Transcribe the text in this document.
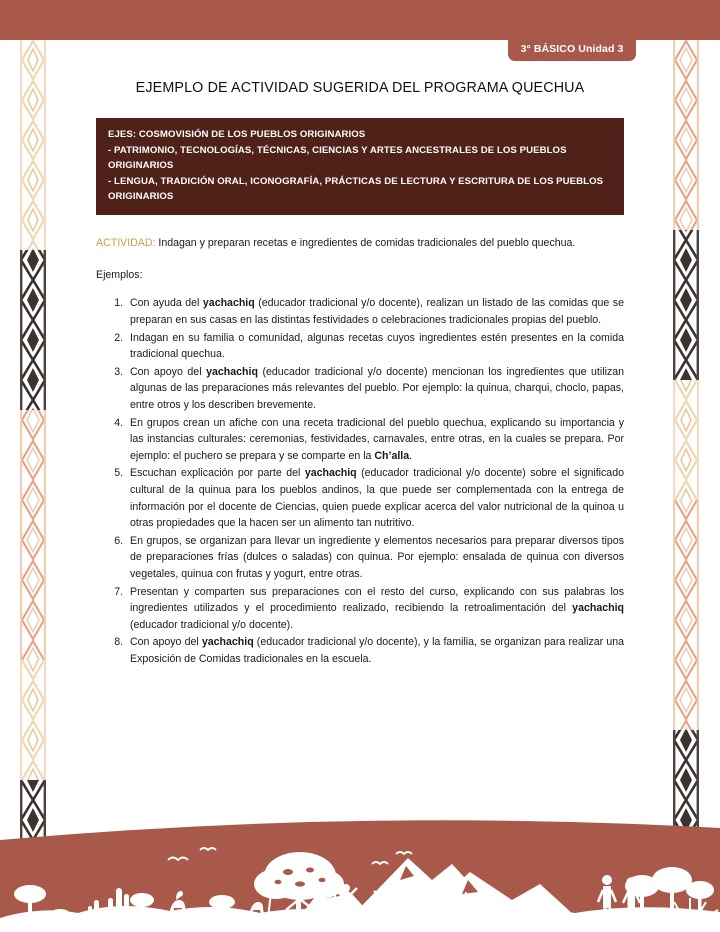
3° BÁSICO Unidad 3
EJEMPLO DE ACTIVIDAD SUGERIDA DEL PROGRAMA QUECHUA
EJES: COSMOVISIÓN DE LOS PUEBLOS ORIGINARIOS
- PATRIMONIO, TECNOLOGÍAS, TÉCNICAS, CIENCIAS Y ARTES ANCESTRALES DE LOS PUEBLOS ORIGINARIOS
- LENGUA, TRADICIÓN ORAL, ICONOGRAFÍA, PRÁCTICAS DE LECTURA Y ESCRITURA DE LOS PUEBLOS ORIGINARIOS

ACTIVIDAD: Indagan y preparan recetas e ingredientes de comidas tradicionales del pueblo quechua.

Ejemplos:

1. Con ayuda del yachachiq (educador tradicional y/o docente), realizan un listado de las comidas que se preparan en sus casas en las distintas festividades o celebraciones tradicionales propias del pueblo.
2. Indagan en su familia o comunidad, algunas recetas cuyos ingredientes estén presentes en la comida tradicional quechua.
3. Con apoyo del yachachiq (educador tradicional y/o docente) mencionan los ingredientes que utilizan algunas de las preparaciones más relevantes del pueblo. Por ejemplo: la quinua, charqui, choclo, papas, entre otros y los describen brevemente.
4. En grupos crean un afiche con una receta tradicional del pueblo quechua, explicando su importancia y las instancias culturales: ceremonias, festividades, carnavales, entre otras, en la cuales se prepara. Por ejemplo: el puchero se prepara y se comparte en la Ch’alla.
5. Escuchan explicación por parte del yachachiq (educador tradicional y/o docente) sobre el significado cultural de la quinua para los pueblos andinos, la que puede ser complementada con la entrega de información por el docente de Ciencias, quien puede explicar acerca del valor nutricional de la quinoa u otras propiedades que la hacen ser un alimento tan nutritivo.
6. En grupos, se organizan para llevar un ingrediente y elementos necesarios para preparar diversos tipos de preparaciones frías (dulces o saladas) con quinua. Por ejemplo: ensalada de quinua con diversos vegetales, quinua con frutas y yogurt, entre otras.
7. Presentan y comparten sus preparaciones con el resto del curso, explicando con sus palabras los ingredientes utilizados y el procedimiento realizado, recibiendo la retroalimentación del yachachiq (educador tradicional y/o docente).
8. Con apoyo del yachachiq (educador tradicional y/o docente), y la familia, se organizan para realizar una Exposición de Comidas tradicionales en la escuela.
